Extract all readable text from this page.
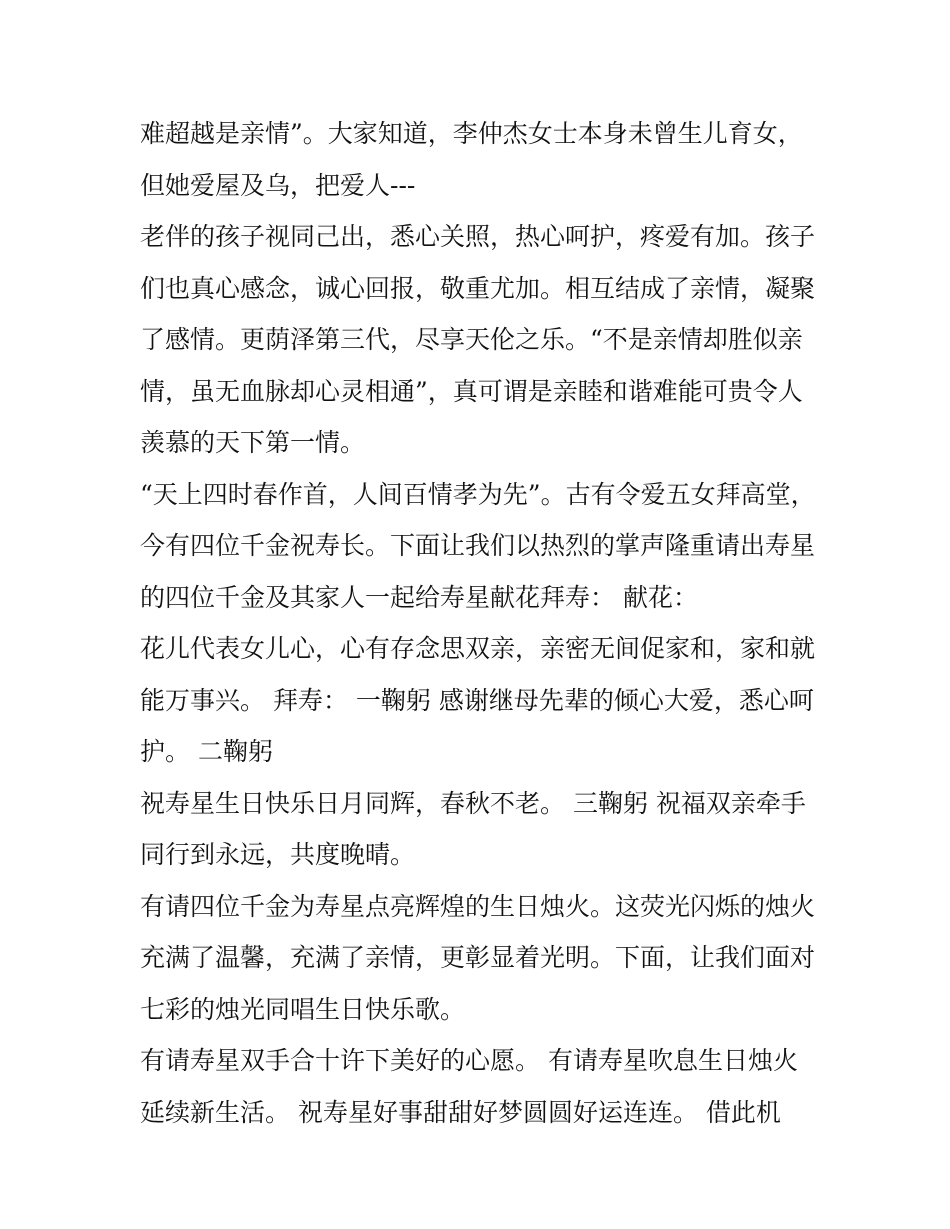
难超越是亲情”。大家知道，李仲杰女士本身未曾生儿育女，
但她爱屋及乌，把爱人---
老伴的孩子视同己出，悉心关照，热心呵护，疼爱有加。孩子
们也真心感念，诚心回报，敬重尤加。相互结成了亲情，凝聚
了感情。更荫泽第三代，尽享天伦之乐。“不是亲情却胜似亲
情，虽无血脉却心灵相通”，真可谓是亲睦和谐难能可贵令人
羡慕的天下第一情。
“天上四时春作首，人间百情孝为先”。古有令爱五女拜高堂，
今有四位千金祝寿长。下面让我们以热烈的掌声隆重请出寿星
的四位千金及其家人一起给寿星献花拜寿： 献花：
花儿代表女儿心，心有存念思双亲，亲密无间促家和，家和就
能万事兴。 拜寿： 一鞠躬 感谢继母先辈的倾心大爱，悉心呵
护。 二鞠躬
祝寿星生日快乐日月同辉，春秋不老。 三鞠躬 祝福双亲牵手
同行到永远，共度晚晴。
有请四位千金为寿星点亮辉煌的生日烛火。这荧光闪烁的烛火
充满了温馨，充满了亲情，更彰显着光明。下面，让我们面对
七彩的烛光同唱生日快乐歌。
有请寿星双手合十许下美好的心愿。 有请寿星吹息生日烛火
延续新生活。 祝寿星好事甜甜好梦圆圆好运连连。 借此机
